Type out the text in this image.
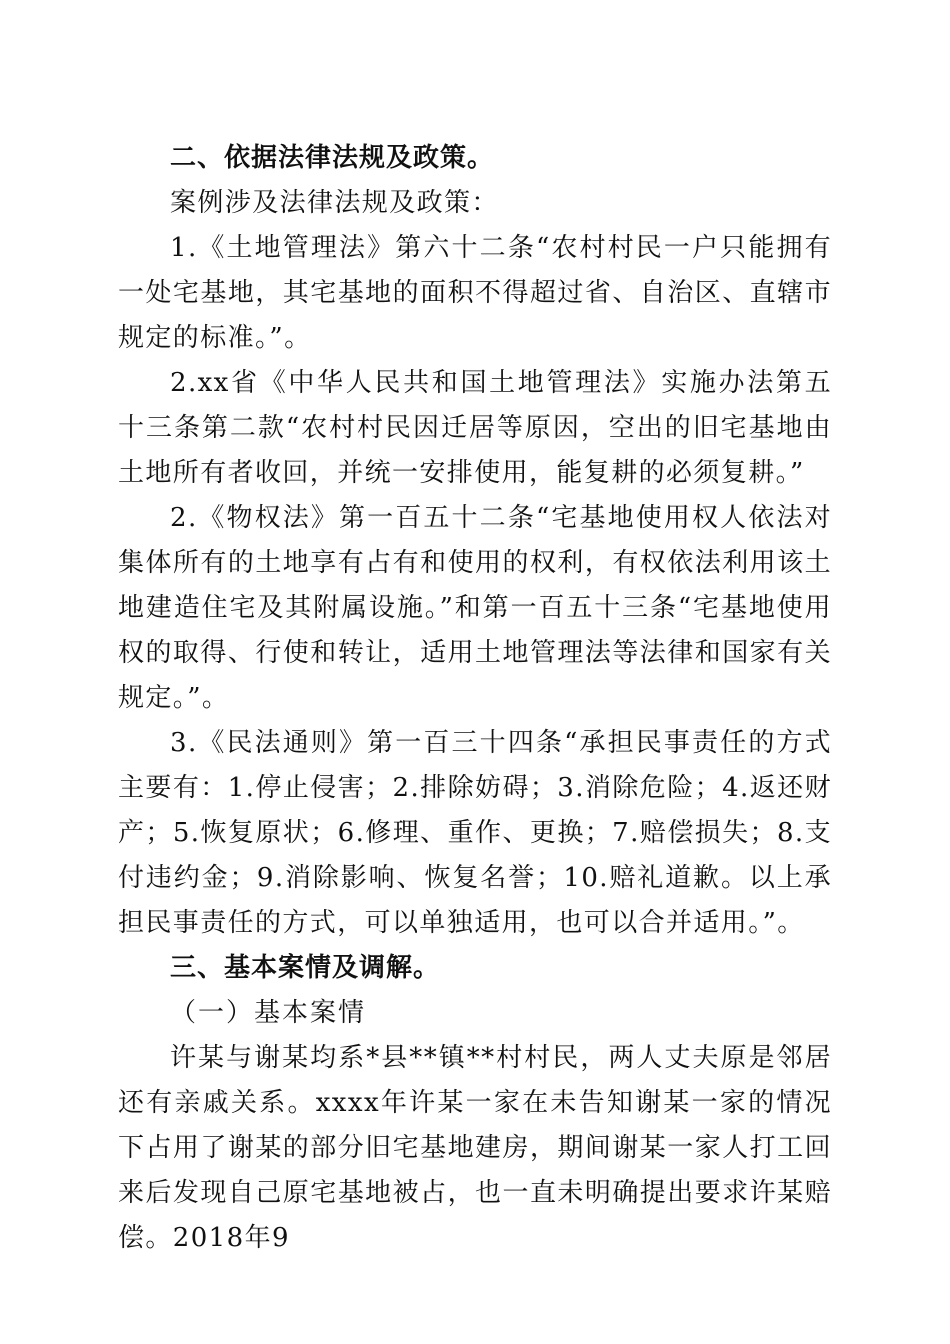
二、依据法律法规及政策。

案例涉及法律法规及政策：

1.《土地管理法》第六十二条“农村村民一户只能拥有一处宅基地，其宅基地的面积不得超过省、自治区、直辖市规定的标准。”。

2.xx省《中华人民共和国土地管理法》实施办法第五十三条第二款“农村村民因迁居等原因，空出的旧宅基地由土地所有者收回，并统一安排使用，能复耕的必须复耕。”

2.《物权法》第一百五十二条“宅基地使用权人依法对集体所有的土地享有占有和使用的权利，有权依法利用该土地建造住宅及其附属设施。”和第一百五十三条“宅基地使用权的取得、行使和转让，适用土地管理法等法律和国家有关规定。”。

3.《民法通则》第一百三十四条“承担民事责任的方式主要有：1.停止侵害；2.排除妨碍；3.消除危险；4.返还财产；5.恢复原状；6.修理、重作、更换；7.赔偿损失；8.支付违约金；9.消除影响、恢复名誉；10.赔礼道歉。以上承担民事责任的方式，可以单独适用，也可以合并适用。”。

三、基本案情及调解。

（一）基本案情

许某与谢某均系*县**镇**村村民，两人丈夫原是邻居还有亲戚关系。xxxx年许某一家在未告知谢某一家的情况下占用了谢某的部分旧宅基地建房，期间谢某一家人打工回来后发现自己原宅基地被占，也一直未明确提出要求许某赔偿。2018年9
